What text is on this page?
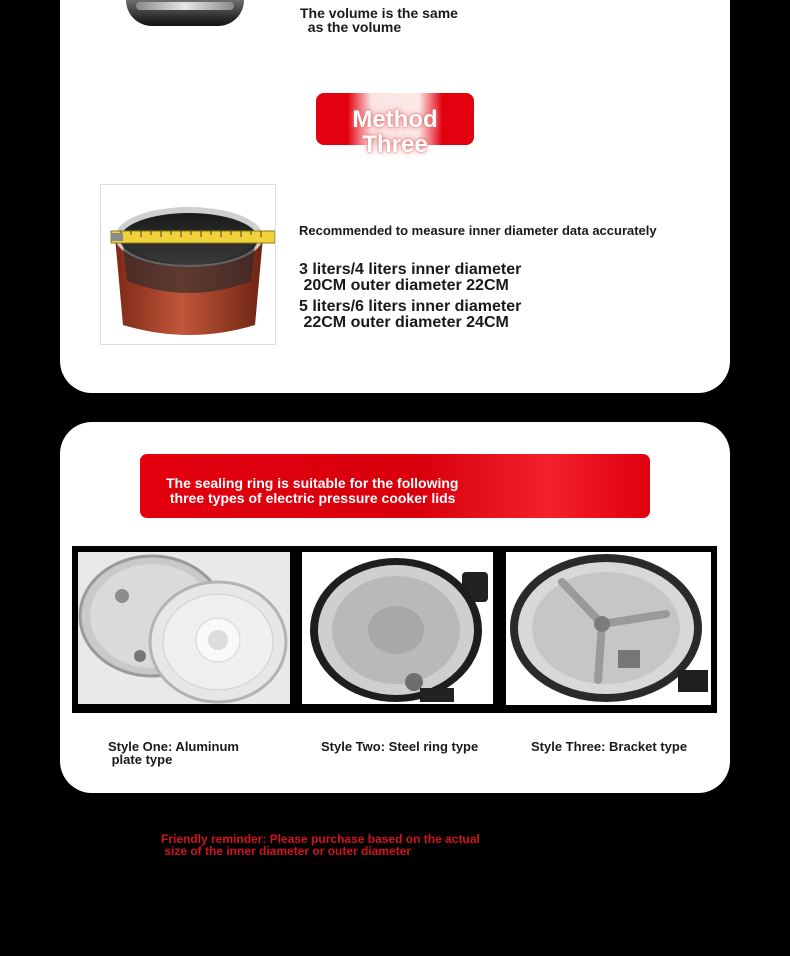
The volume is the same
as the volume
Method
Three
Recommended to measure inner diameter data accurately
3 liters/4 liters inner diameter
20CM outer diameter 22CM
5 liters/6 liters inner diameter
22CM outer diameter 24CM
The sealing ring is suitable for the following
three types of electric pressure cooker lids
Style One: Aluminum
plate type
Style Two: Steel ring type	Style Three: Bracket type
Friendly reminder: Please purchase based on the actual
size of the inner diameter or outer diameter
